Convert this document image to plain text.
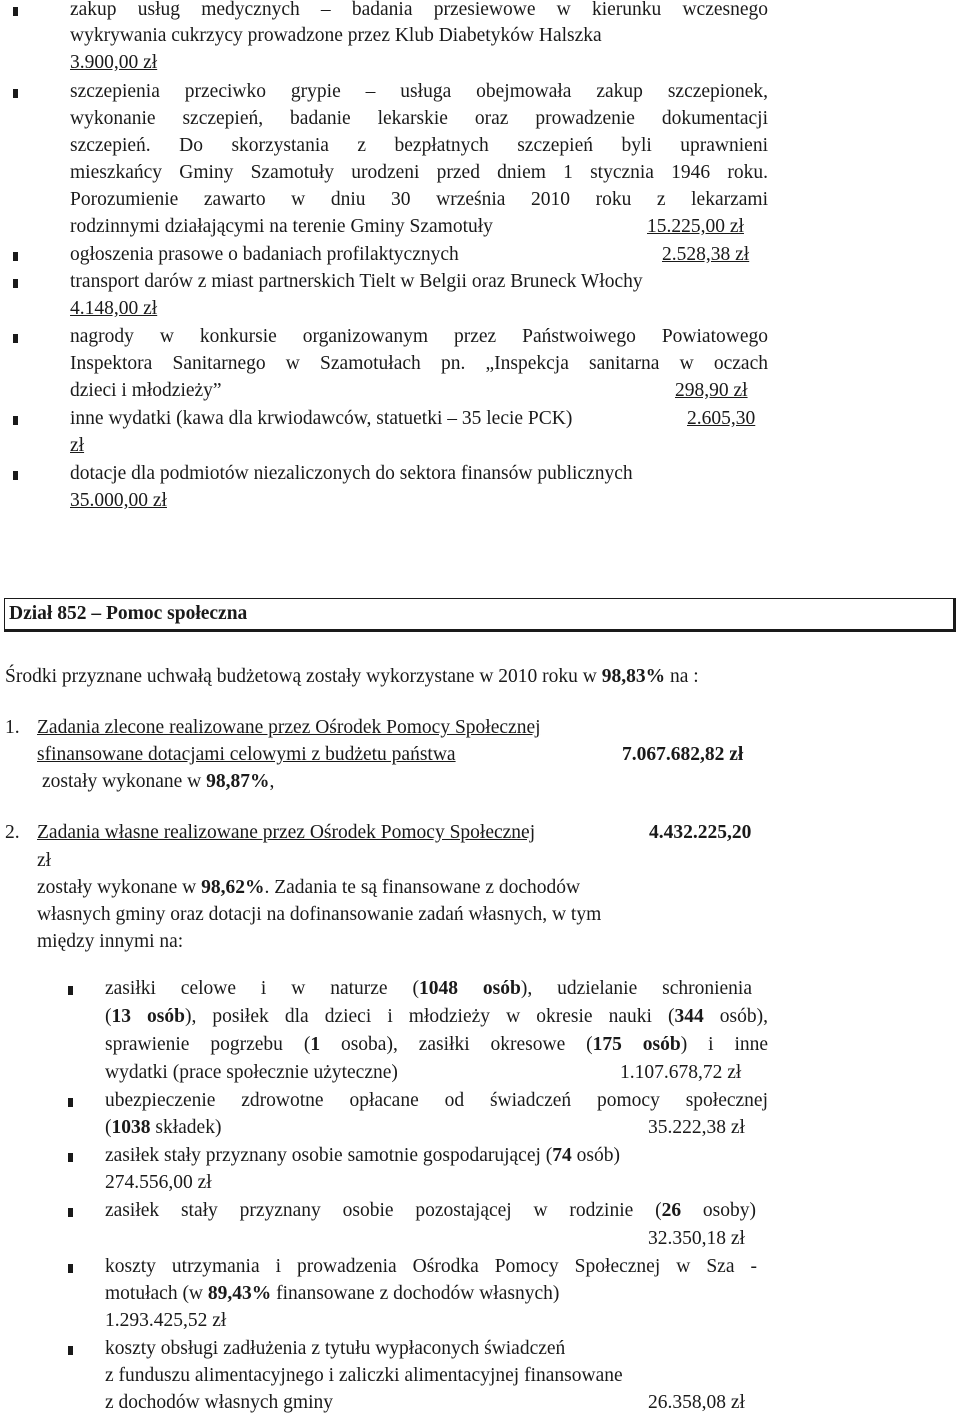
zakup usług medycznych – badania przesiewowe w kierunku wczesnego
wykrywania cukrzycy prowadzone przez Klub Diabetyków Halszka
3.900,00 zł
szczepienia przeciwko grypie – usługa obejmowała zakup szczepionek,
wykonanie szczepień, badanie lekarskie oraz prowadzenie dokumentacji
szczepień. Do skorzystania z bezpłatnych szczepień byli uprawnieni
mieszkańcy Gminy Szamotuły urodzeni przed dniem 1 stycznia 1946 roku.
Porozumienie zawarto w dniu 30 września 2010 roku z lekarzami
rodzinnymi działającymi na terenie Gminy Szamotuły	15.225,00 zł
ogłoszenia prasowe o badaniach profilaktycznych	2.528,38 zł
transport darów z miast partnerskich Tielt w Belgii oraz Bruneck Włochy
4.148,00 zł
nagrody w konkursie organizowanym przez Państwoiwego Powiatowego
Inspektora Sanitarnego w Szamotułach pn. „Inspekcja sanitarna w oczach
dzieci i młodzieży”	298,90 zł
inne wydatki (kawa dla krwiodawców, statuetki – 35 lecie PCK)	2.605,30
zł
dotacje dla podmiotów niezaliczonych do sektora finansów publicznych
35.000,00 zł
Dział 852 – Pomoc społeczna
Środki przyznane uchwałą budżetową zostały wykorzystane w 2010 roku w 98,83% na :
1. Zadania zlecone realizowane przez Ośrodek Pomocy Społecznej
sfinansowane dotacjami celowymi z budżetu państwa	7.067.682,82 zł
zostały wykonane w 98,87%,
2. Zadania własne realizowane przez Ośrodek Pomocy Społecznej	4.432.225,20
zł
zostały wykonane w 98,62%. Zadania te są finansowane z dochodów
własnych gminy oraz dotacji na dofinansowanie zadań własnych, w tym
między innymi na:
zasiłki celowe i w naturze (1048 osób), udzielanie schronienia
(13 osób), posiłek dla dzieci i młodzieży w okresie nauki (344 osób),
sprawienie pogrzebu (1 osoba), zasiłki okresowe (175 osób) i inne
wydatki (prace społecznie użyteczne)	1.107.678,72 zł
ubezpieczenie zdrowotne opłacane od świadczeń pomocy społecznej
(1038 składek)	35.222,38 zł
zasiłek stały przyznany osobie samotnie gospodarującej (74 osób)
274.556,00 zł
zasiłek stały przyznany osobie pozostającej w rodzinie (26 osoby)
32.350,18 zł
koszty utrzymania i prowadzenia Ośrodka Pomocy Społecznej w Sza -
motułach (w 89,43% finansowane z dochodów własnych)
1.293.425,52 zł
koszty obsługi zadłużenia z tytułu wypłaconych świadczeń
z funduszu alimentacyjnego i zaliczki alimentacyjnej finansowane
z dochodów własnych gminy	26.358,08 zł
